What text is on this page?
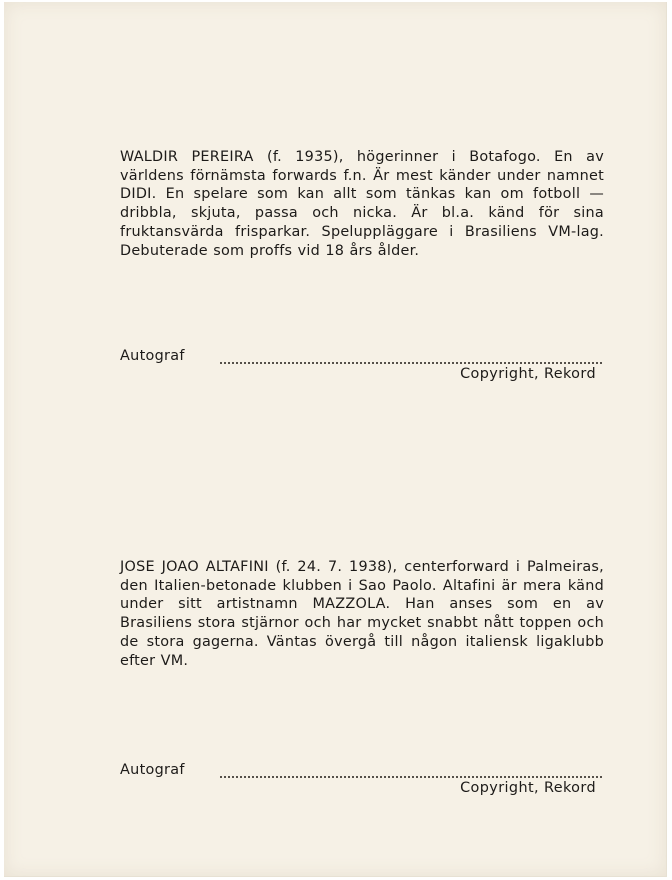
WALDIR PEREIRA (f. 1935), högerinner i Botafogo. En av världens förnämsta forwards f.n. Är mest känder under namnet DIDI. En spelare som kan allt som tänkas kan om fotboll — dribbla, skjuta, passa och nicka. Är bl.a. känd för sina fruktansvärda frisparkar. Speluppläggare i Brasiliens VM-lag. Debuterade som proffs vid 18 års ålder.

Autograf
Copyright, Rekord

JOSE JOAO ALTAFINI (f. 24. 7. 1938), centerforward i Palmeiras, den Italien-betonade klubben i Sao Paolo. Altafini är mera känd under sitt artistnamn MAZZOLA. Han anses som en av Brasiliens stora stjärnor och har mycket snabbt nått toppen och de stora gagerna. Väntas övergå till någon italiensk ligaklubb efter VM.

Autograf
Copyright, Rekord
